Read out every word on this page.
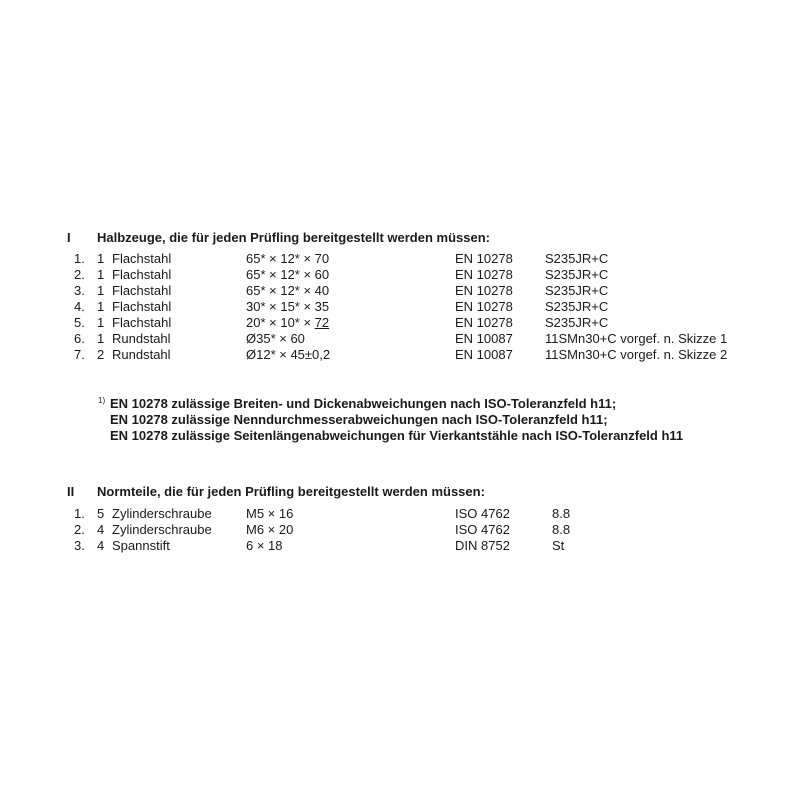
I Halbzeuge, die für jeden Prüfling bereitgestellt werden müssen:
1. 1 Flachstahl	65* × 12* × 70	EN 10278 S235JR+C
2. 1 Flachstahl	65* × 12* × 60	EN 10278 S235JR+C
3. 1 Flachstahl	65* × 12* × 40	EN 10278 S235JR+C
4. 1 Flachstahl	30* × 15* × 35	EN 10278 S235JR+C
5. 1 Flachstahl	20* × 10* × 72	EN 10278 S235JR+C
6. 1 Rundstahl	Ø35* × 60	EN 10087 11SMn30+C vorgef. n. Skizze 1
7. 2 Rundstahl	Ø12* × 45±0,2	EN 10087 11SMn30+C vorgef. n. Skizze 2
1) EN 10278 zulässige Breiten- und Dickenabweichungen nach ISO-Toleranzfeld h11;
EN 10278 zulässige Nenndurchmesserabweichungen nach ISO-Toleranzfeld h11;
EN 10278 zulässige Seitenlängenabweichungen für Vierkantstähle nach ISO-Toleranzfeld h11
II Normteile, die für jeden Prüfling bereitgestellt werden müssen:
1. 5 Zylinderschraube	M5 × 16	ISO 4762	8.8
2. 4 Zylinderschraube	M6 × 20	ISO 4762	8.8
3. 4 Spannstift	6 × 18	DIN 8752	St
